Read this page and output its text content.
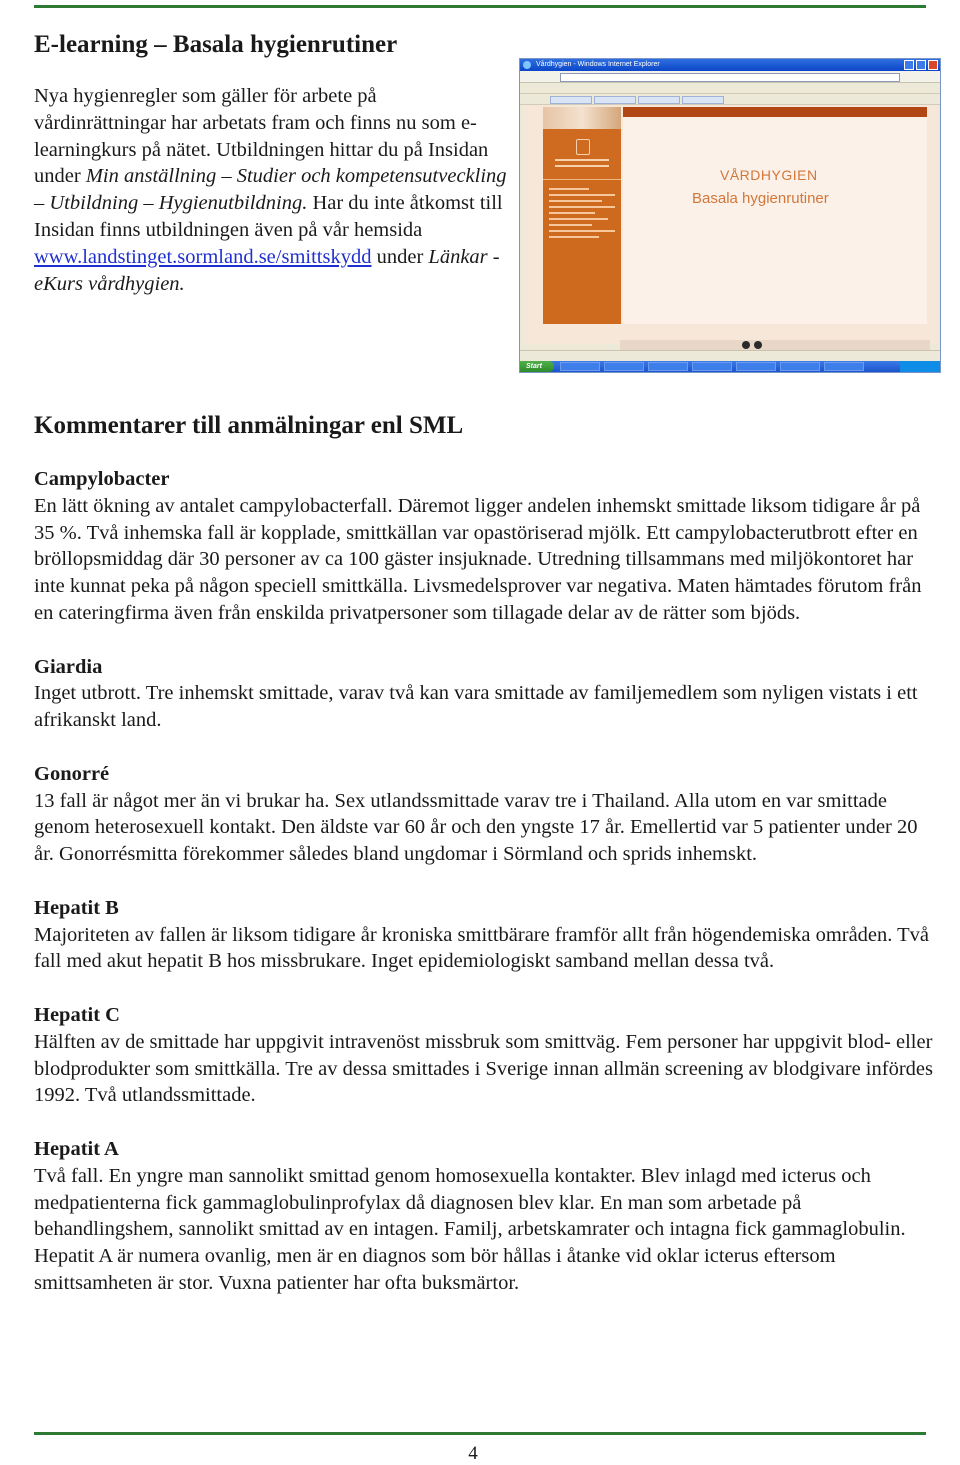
E-learning – Basala hygienrutiner

Nya hygienregler som gäller för arbete på vårdinrättningar har arbetats fram och finns nu som e-learningkurs på nätet. Utbildningen hittar du på Insidan under Min anställning – Studier och kompetensutveckling – Utbildning – Hygienutbildning. Har du inte åtkomst till Insidan finns utbildningen även på vår hemsida www.landstinget.sormland.se/smittskydd under Länkar - eKurs vårdhygien.

Vårdhygien - Windows Internet Explorer
VÅRDHYGIEN
Basala hygienrutiner
Start
Kommentarer till anmälningar enl SML
Campylobacter

En lätt ökning av antalet campylobacterfall. Däremot ligger andelen inhemskt smittade liksom tidigare år på 35 %. Två inhemska fall är kopplade, smittkällan var opastöriserad mjölk. Ett campylobacterutbrott efter en bröllopsmiddag där 30 personer av ca 100 gäster insjuknade. Utredning tillsammans med miljökontoret har inte kunnat peka på någon speciell smittkälla. Livsmedelsprover var negativa. Maten hämtades förutom från en cateringfirma även från enskilda privatpersoner som tillagade delar av de rätter som bjöds.

Giardia

Inget utbrott. Tre inhemskt smittade, varav två kan vara smittade av familjemedlem som nyligen vistats i ett afrikanskt land.

Gonorré

13 fall är något mer än vi brukar ha. Sex utlandssmittade varav tre i Thailand. Alla utom en var smittade genom heterosexuell kontakt. Den äldste var 60 år och den yngste 17 år. Emellertid var 5 patienter under 20 år. Gonorrésmitta förekommer således bland ungdomar i Sörmland och sprids inhemskt.

Hepatit B

Majoriteten av fallen är liksom tidigare år kroniska smittbärare framför allt från högendemiska områden. Två fall med akut hepatit B hos missbrukare. Inget epidemiologiskt samband mellan dessa två.

Hepatit C

Hälften av de smittade har uppgivit intravenöst missbruk som smittväg. Fem personer har uppgivit blod- eller blodprodukter som smittkälla. Tre av dessa smittades i Sverige innan allmän screening av blodgivare infördes 1992. Två utlandssmittade.

Hepatit A

Två fall. En yngre man sannolikt smittad genom homosexuella kontakter. Blev inlagd med icterus och medpatienterna fick gammaglobulinprofylax då diagnosen blev klar. En man som arbetade på behandlingshem, sannolikt smittad av en intagen. Familj, arbetskamrater och intagna fick gammaglobulin.

Hepatit A är numera ovanlig, men är en diagnos som bör hållas i åtanke vid oklar icterus eftersom smittsamheten är stor. Vuxna patienter har ofta buksmärtor.

4
